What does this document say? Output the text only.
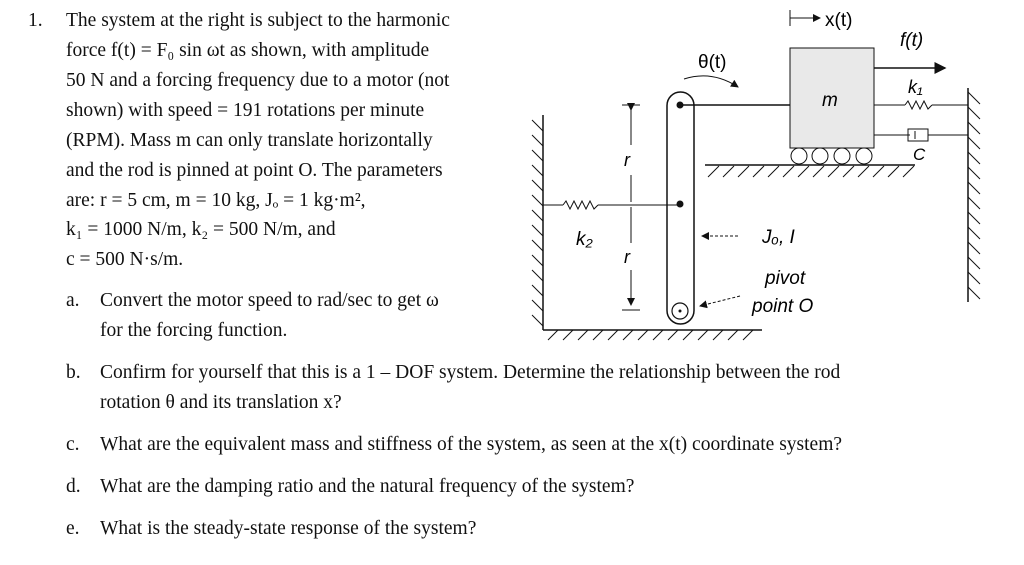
1. The system at the right is subject to the harmonic
force f(t) = F₀ sin ωt as shown, with amplitude
50 N and a forcing frequency due to a motor (not
shown) with speed = 191 rotations per minute
(RPM). Mass m can only translate horizontally
and the rod is pinned at point O. The parameters
are: r = 5 cm, m = 10 kg, Jₒ = 1 kg·m²,
k₁ = 1000 N/m, k₂ = 500 N/m, and
c = 500 N·s/m.
a. Convert the motor speed to rad/sec to get ω
for the forcing function.
b. Confirm for yourself that this is a 1 – DOF system. Determine the relationship between the rod
rotation θ and its translation x?
c. What are the equivalent mass and stiffness of the system, as seen at the x(t) coordinate system?
d. What are the damping ratio and the natural frequency of the system?
e. What is the steady-state response of the system?
x(t)
f(t)
θ(t)
m
k₁
C
r
r
k₂	Jₒ, I
pivot
point O
